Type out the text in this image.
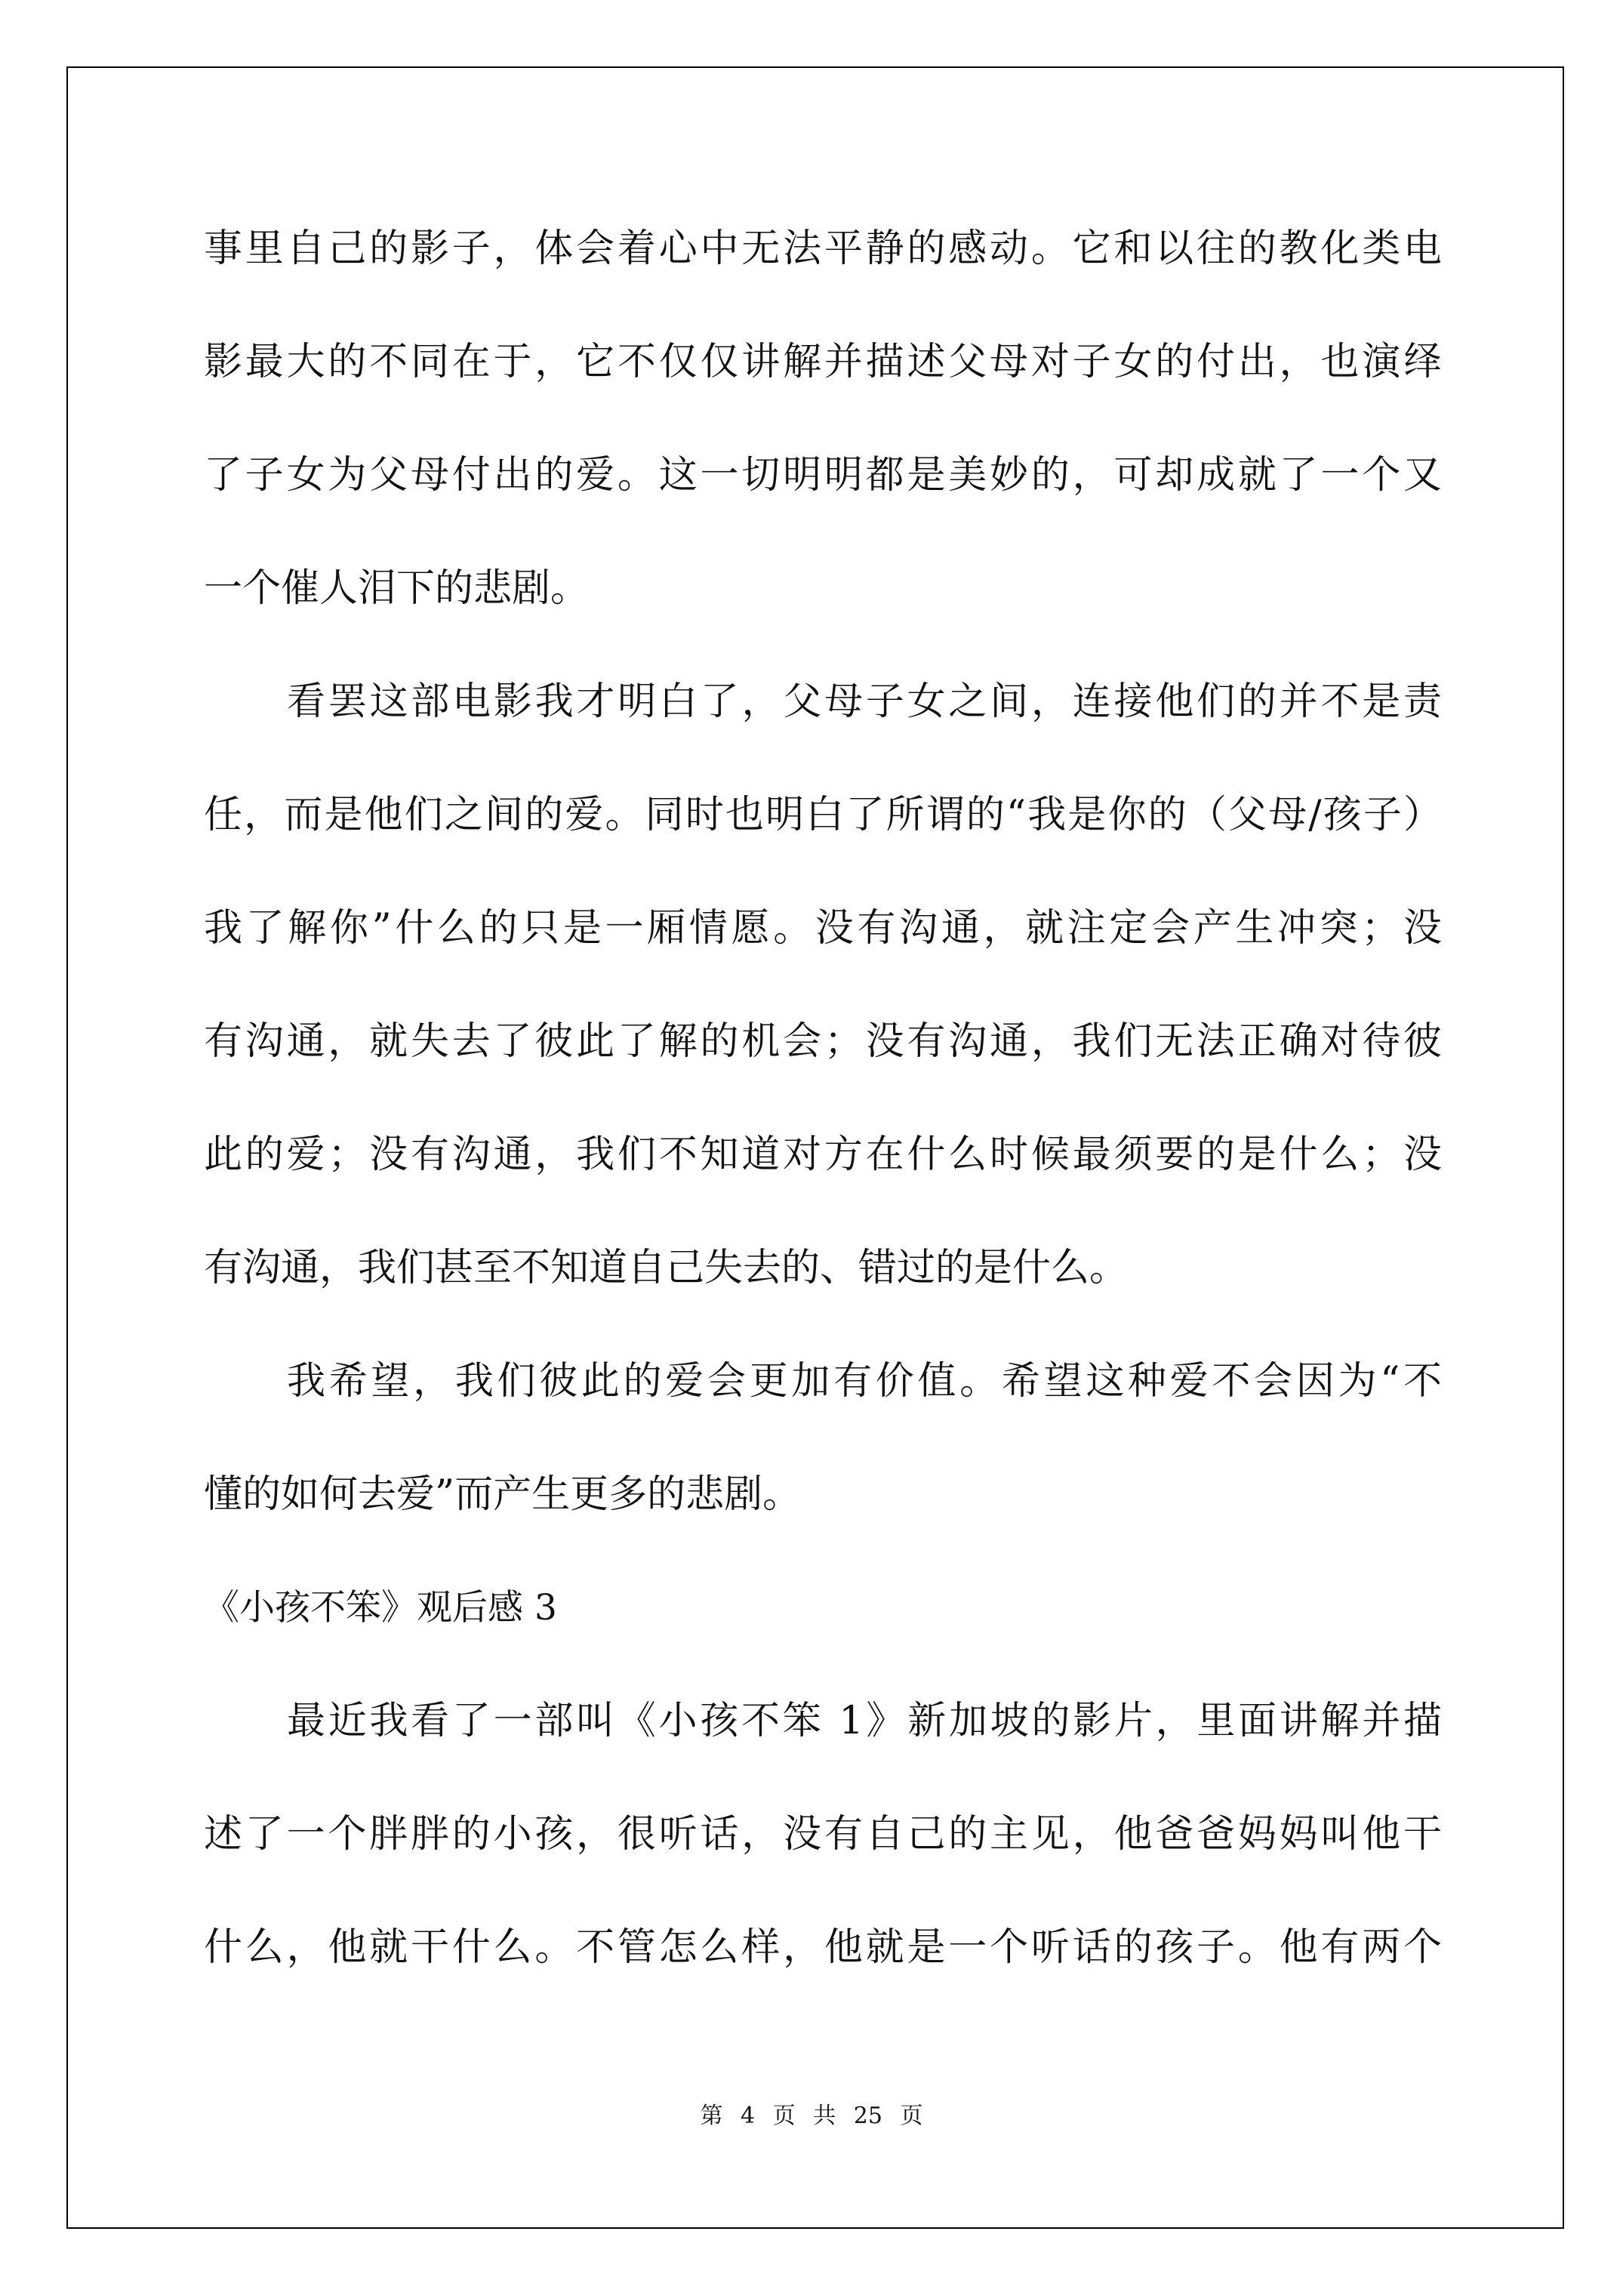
事里自己的影子，体会着心中无法平静的感动。它和以往的教化类电
影最大的不同在于，它不仅仅讲解并描述父母对子女的付出，也演绎
了子女为父母付出的爱。这一切明明都是美妙的，可却成就了一个又
一个催人泪下的悲剧。
看罢这部电影我才明白了，父母子女之间，连接他们的并不是责
任，而是他们之间的爱。同时也明白了所谓的“我是你的（父母/孩子）
我了解你”什么的只是一厢情愿。没有沟通，就注定会产生冲突；没
有沟通，就失去了彼此了解的机会；没有沟通，我们无法正确对待彼
此的爱；没有沟通，我们不知道对方在什么时候最须要的是什么；没
有沟通，我们甚至不知道自己失去的、错过的是什么。
我希望，我们彼此的爱会更加有价值。希望这种爱不会因为“不
懂的如何去爱”而产生更多的悲剧。
《小孩不笨》观后感 3
最近我看了一部叫《小孩不笨 1》新加坡的影片，里面讲解并描
述了一个胖胖的小孩，很听话，没有自己的主见，他爸爸妈妈叫他干
什么，他就干什么。不管怎么样，他就是一个听话的孩子。他有两个
第 4 页 共 25 页
